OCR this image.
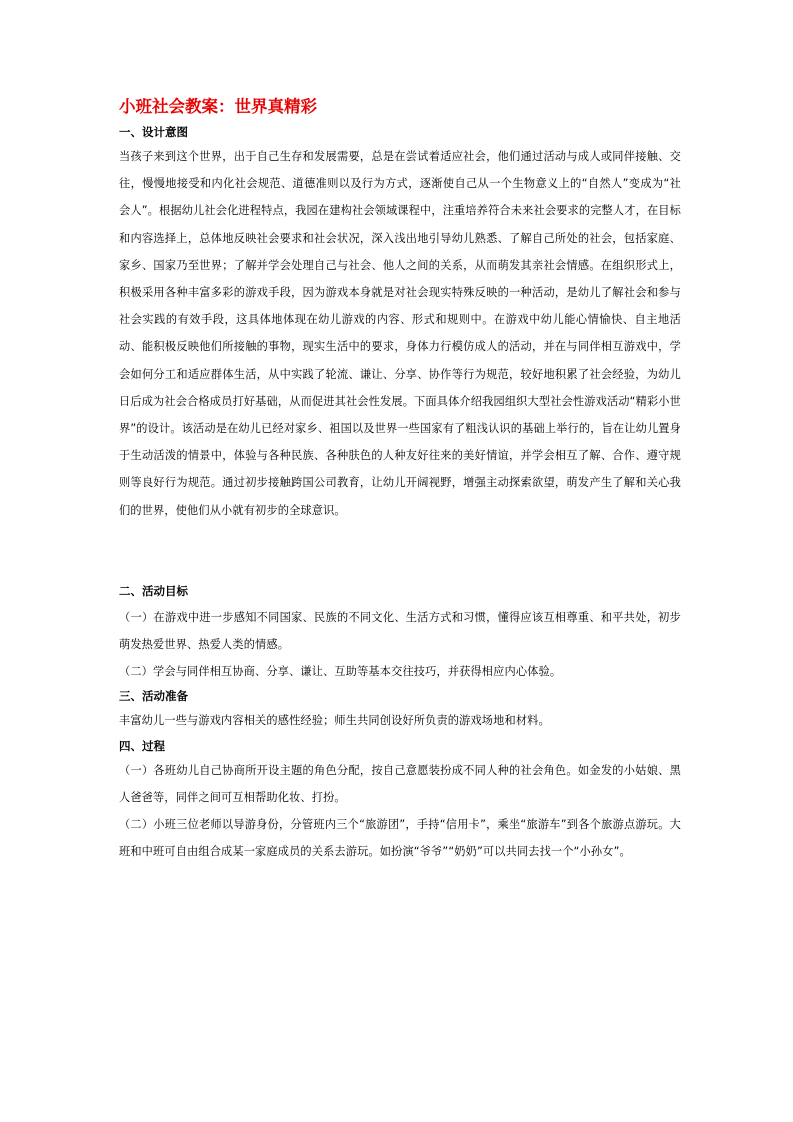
小班社会教案：世界真精彩
一、设计意图

当孩子来到这个世界，出于自己生存和发展需要，总是在尝试着适应社会，他们通过活动与成人或同伴接触、交往，慢慢地接受和内化社会规范、道德准则以及行为方式，逐渐使自己从一个生物意义上的“自然人”变成为“社会人”。根据幼儿社会化进程特点，我园在建构社会领域课程中，注重培养符合未来社会要求的完整人才，在目标和内容选择上，总体地反映社会要求和社会状况，深入浅出地引导幼儿熟悉、了解自己所处的社会，包括家庭、家乡、国家乃至世界；了解并学会处理自己与社会、他人之间的关系，从而萌发其亲社会情感。在组织形式上，积极采用各种丰富多彩的游戏手段，因为游戏本身就是对社会现实特殊反映的一种活动，是幼儿了解社会和参与社会实践的有效手段，这具体地体现在幼儿游戏的内容、形式和规则中。在游戏中幼儿能心情愉快、自主地活动、能积极反映他们所接触的事物，现实生活中的要求，身体力行模仿成人的活动，并在与同伴相互游戏中，学会如何分工和适应群体生活，从中实践了轮流、谦让、分享、协作等行为规范，较好地积累了社会经验，为幼儿日后成为社会合格成员打好基础，从而促进其社会性发展。下面具体介绍我园组织大型社会性游戏活动“精彩小世界”的设计。该活动是在幼儿已经对家乡、祖国以及世界一些国家有了粗浅认识的基础上举行的，旨在让幼儿置身于生动活泼的情景中，体验与各种民族、各种肤色的人种友好往来的美好情谊，并学会相互了解、合作、遵守规则等良好行为规范。通过初步接触跨国公司教育，让幼儿开阔视野，增强主动探索欲望，萌发产生了解和关心我们的世界，使他们从小就有初步的全球意识。

二、活动目标

（一）在游戏中进一步感知不同国家、民族的不同文化、生活方式和习惯，懂得应该互相尊重、和平共处，初步萌发热爱世界、热爱人类的情感。

（二）学会与同伴相互协商、分享、谦让、互助等基本交往技巧，并获得相应内心体验。

三、活动准备

丰富幼儿一些与游戏内容相关的感性经验；师生共同创设好所负责的游戏场地和材料。

四、过程

（一）各班幼儿自己协商所开设主题的角色分配，按自己意愿装扮成不同人种的社会角色。如金发的小姑娘、黑人爸爸等，同伴之间可互相帮助化妆、打扮。

（二）小班三位老师以导游身份，分管班内三个“旅游团”，手持“信用卡”，乘坐“旅游车”到各个旅游点游玩。大班和中班可自由组合成某一家庭成员的关系去游玩。如扮演“爷爷”“奶奶”可以共同去找一个“小孙女”。
